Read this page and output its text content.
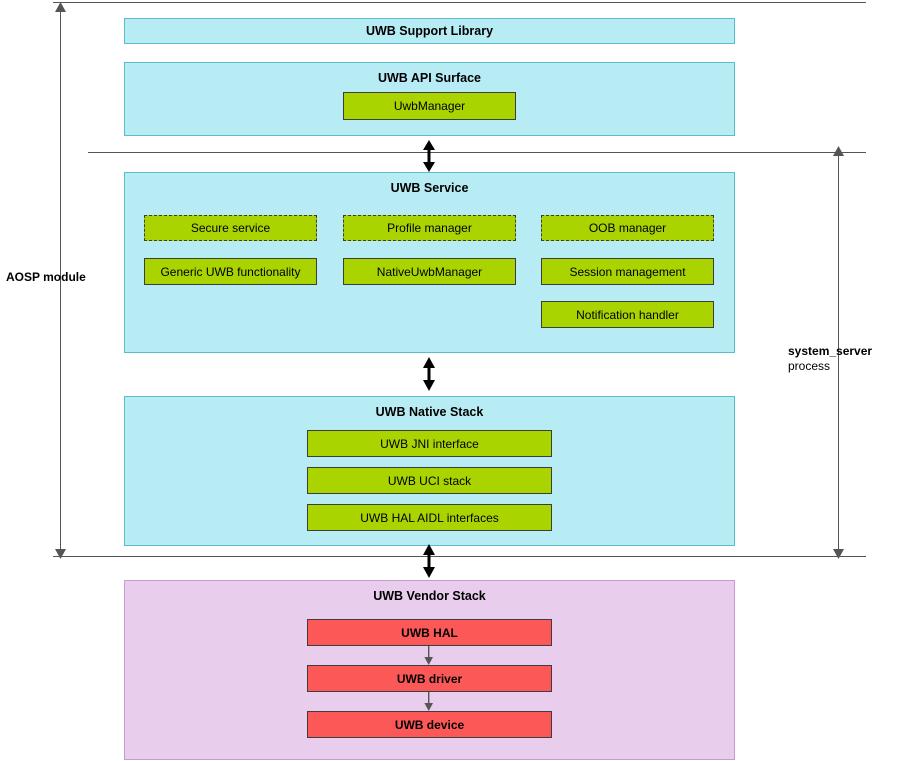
AOSP module
system_server
process
UWB Support Library
UWB API Surface
UwbManager
UWB Service
Secure service	Profile manager	OOB manager
Generic UWB functionality	NativeUwbManager	Session management
Notification handler
UWB Native Stack
UWB JNI interface
UWB UCI stack
UWB HAL AIDL interfaces
UWB Vendor Stack
UWB HAL
UWB driver
UWB device
